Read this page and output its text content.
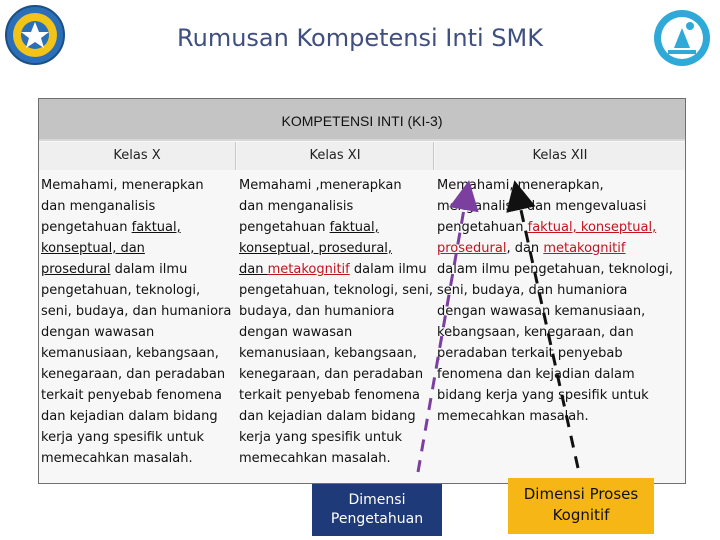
Rumusan Kompetensi Inti SMK
KOMPETENSI INTI (KI-3)
Kelas X	Kelas XI	Kelas XII
Memahami, menerapkan
dan menganalisis
pengetahuan faktual,
konseptual, dan
prosedural dalam ilmu
pengetahuan, teknologi,
seni, budaya, dan humaniora
dengan wawasan
kemanusiaan, kebangsaan,
kenegaraan, dan peradaban
terkait penyebab fenomena
dan kejadian dalam bidang
kerja yang spesifik untuk
memecahkan masalah.
Memahami ,menerapkan
dan menganalisis
pengetahuan faktual,
konseptual, prosedural,
dan metakognitif dalam ilmu
pengetahuan, teknologi, seni,
budaya, dan humaniora
dengan wawasan
kemanusiaan, kebangsaan,
kenegaraan, dan peradaban
terkait penyebab fenomena
dan kejadian dalam bidang
kerja yang spesifik untuk
memecahkan masalah.
Memahami, menerapkan,
menganalisis dan mengevaluasi
pengetahuan faktual, konseptual,
prosedural, dan metakognitif
dalam ilmu pengetahuan, teknologi,
seni, budaya, dan humaniora
dengan wawasan kemanusiaan,
kebangsaan, kenegaraan, dan
peradaban terkait penyebab
fenomena dan kejadian dalam
bidang kerja yang spesifik untuk
memecahkan masalah.
Dimensi Pengetahuan
Dimensi Proses Kognitif
